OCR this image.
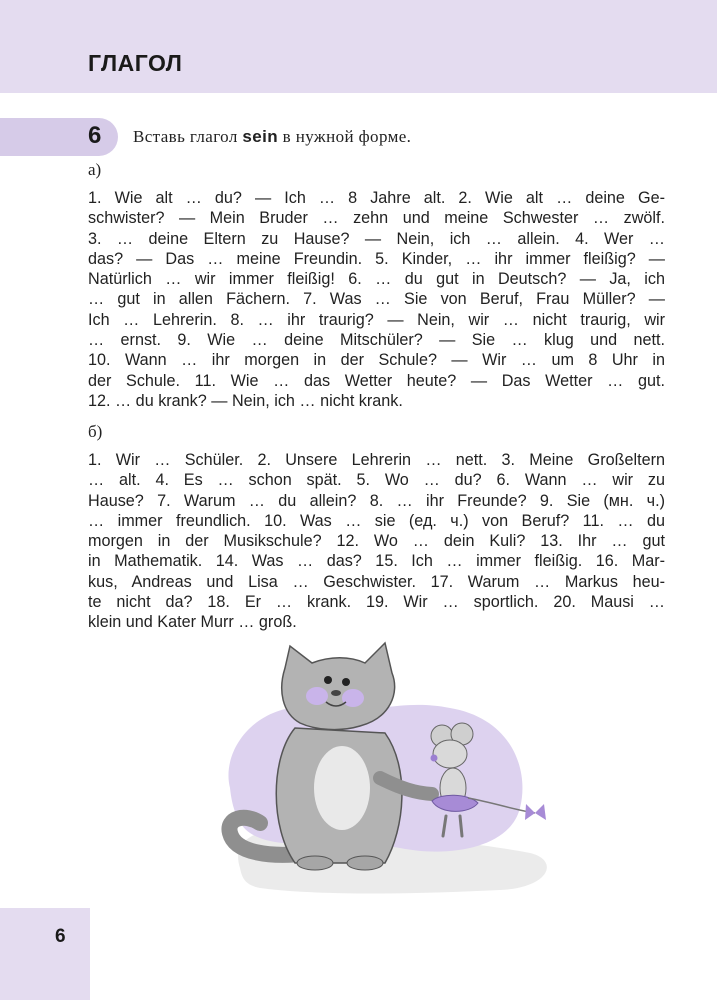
ГЛАГОЛ
6 Вставь глагол sein в нужной форме.
а)
1. Wie alt … du? — Ich … 8 Jahre alt. 2. Wie alt … deine Ge-
schwister? — Mein Bruder … zehn und meine Schwester … zwölf.
3. … deine Eltern zu Hause? — Nein, ich … allein. 4. Wer …
das? — Das … meine Freundin. 5. Kinder, … ihr immer fleißig? —
Natürlich … wir immer fleißig! 6. … du gut in Deutsch? — Ja, ich
… gut in allen Fächern. 7. Was … Sie von Beruf, Frau Müller? —
Ich … Lehrerin. 8. … ihr traurig? — Nein, wir … nicht traurig, wir
… ernst. 9. Wie … deine Mitschüler? — Sie … klug und nett.
10. Wann … ihr morgen in der Schule? — Wir … um 8 Uhr in
der Schule. 11. Wie … das Wetter heute? — Das Wetter … gut.
12. … du krank? — Nein, ich … nicht krank.
б)
1. Wir … Schüler. 2. Unsere Lehrerin … nett. 3. Meine Großeltern
… alt. 4. Es … schon spät. 5. Wo … du? 6. Wann … wir zu
Hause? 7. Warum … du allein? 8. … ihr Freunde? 9. Sie (мн. ч.)
… immer freundlich. 10. Was … sie (ед. ч.) von Beruf? 11. … du
morgen in der Musikschule? 12. Wo … dein Kuli? 13. Ihr … gut
in Mathematik. 14. Was … das? 15. Ich … immer fleißig. 16. Mar-
kus, Andreas und Lisa … Geschwister. 17. Warum … Markus heu-
te nicht da? 18. Er … krank. 19. Wir … sportlich. 20. Mausi …
klein und Kater Murr … groß.
6
